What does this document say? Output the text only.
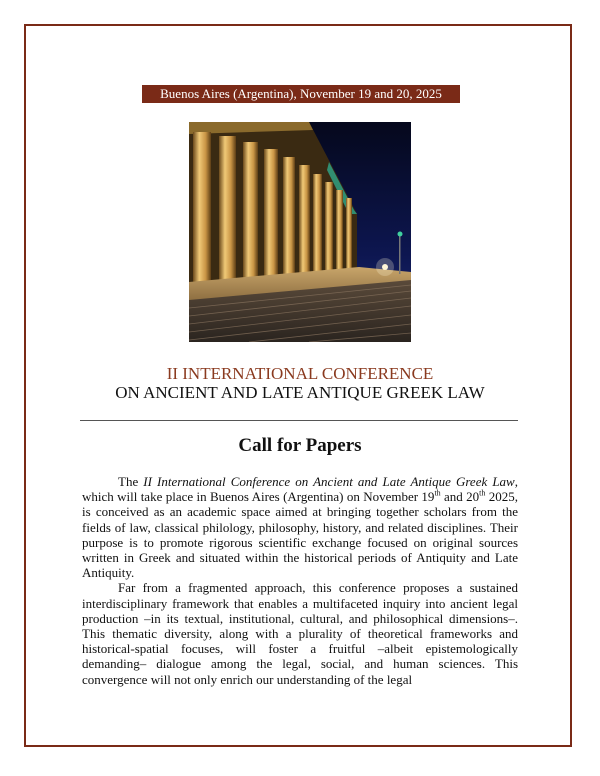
Buenos Aires (Argentina), November 19 and 20, 2025
II INTERNATIONAL CONFERENCE
ON ANCIENT AND LATE ANTIQUE GREEK LAW
Call for Papers

The II International Conference on Ancient and Late Antique Greek Law, which will take place in Buenos Aires (Argentina) on November 19th and 20th 2025, is conceived as an academic space aimed at bringing together scholars from the fields of law, classical philology, philosophy, history, and related disciplines. Their purpose is to promote rigorous scientific exchange focused on original sources written in Greek and situated within the historical periods of Antiquity and Late Antiquity.

Far from a fragmented approach, this conference proposes a sustained interdisciplinary framework that enables a multifaceted inquiry into ancient legal production –in its textual, institutional, cultural, and philosophical dimensions–. This thematic diversity, along with a plurality of theoretical frameworks and historical-spatial focuses, will foster a fruitful –albeit epistemologically demanding– dialogue among the legal, social, and human sciences. This convergence will not only enrich our understanding of the legal
